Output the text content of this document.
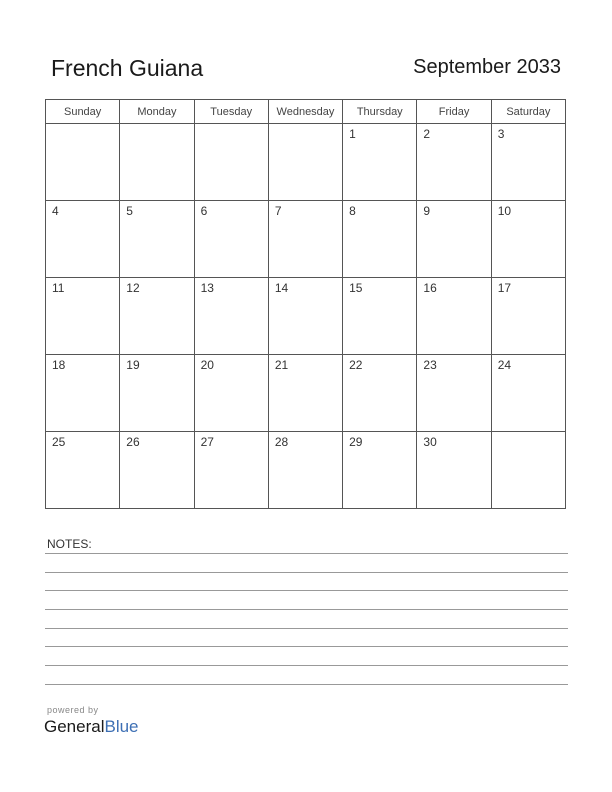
French Guiana	September 2033
Sunday	Monday	Tuesday	Wednesday	Thursday	Friday	Saturday
				1	2	3
4	5	6	7	8	9	10
11	12	13	14	15	16	17
18	19	20	21	22	23	24
25	26	27	28	29	30	
NOTES:
powered by
GeneralBlue
